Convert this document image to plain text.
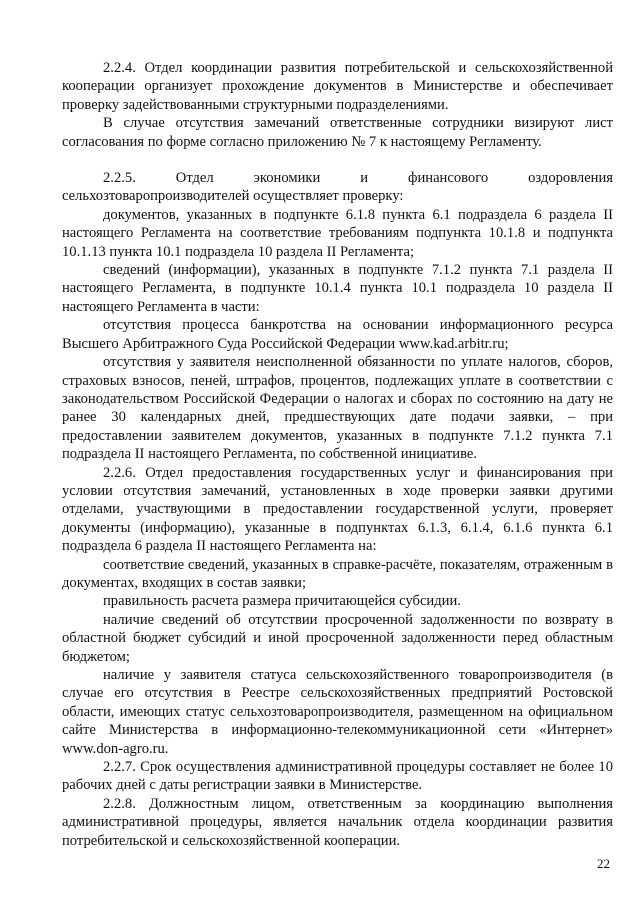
2.2.4. Отдел координации развития потребительской и сельскохозяйственной кооперации организует прохождение документов в Министерстве и обеспечивает проверку задействованными структурными подразделениями.

В случае отсутствия замечаний ответственные сотрудники визируют лист согласования по форме согласно приложению № 7 к настоящему Регламенту.

2.2.5. Отдел экономики и финансового оздоровления сельхозтоваропроизводителей осуществляет проверку:

документов, указанных в подпункте 6.1.8 пункта 6.1 подраздела 6 раздела II настоящего Регламента на соответствие требованиям подпункта 10.1.8 и подпункта 10.1.13 пункта 10.1 подраздела 10 раздела II Регламента;

сведений (информации), указанных в подпункте 7.1.2 пункта 7.1 раздела II настоящего Регламента, в подпункте 10.1.4 пункта 10.1 подраздела 10 раздела II настоящего Регламента в части:

отсутствия процесса банкротства на основании информационного ресурса Высшего Арбитражного Суда Российской Федерации www.kad.arbitr.ru;

отсутствия у заявителя неисполненной обязанности по уплате налогов, сборов, страховых взносов, пеней, штрафов, процентов, подлежащих уплате в соответствии с законодательством Российской Федерации о налогах и сборах по состоянию на дату не ранее 30 календарных дней, предшествующих дате подачи заявки, – при предоставлении заявителем документов, указанных в подпункте 7.1.2 пункта 7.1 подраздела II настоящего Регламента, по собственной инициативе.

2.2.6. Отдел предоставления государственных услуг и финансирования при условии отсутствия замечаний, установленных в ходе проверки заявки другими отделами, участвующими в предоставлении государственной услуги, проверяет документы (информацию), указанные в подпунктах 6.1.3, 6.1.4, 6.1.6 пункта 6.1 подраздела 6 раздела II настоящего Регламента на:

соответствие сведений, указанных в справке-расчёте, показателям, отраженным в документах, входящих в состав заявки;

правильность расчета размера причитающейся субсидии.

наличие сведений об отсутствии просроченной задолженности по возврату в областной бюджет субсидий и иной просроченной задолженности перед областным бюджетом;

наличие у заявителя статуса сельскохозяйственного товаропроизводителя (в случае его отсутствия в Реестре сельскохозяйственных предприятий Ростовской области, имеющих статус сельхозтоваропроизводителя, размещенном на официальном сайте Министерства в информационно-телекоммуникационной сети «Интернет» www.don-agro.ru.

2.2.7. Срок осуществления административной процедуры составляет не более 10 рабочих дней с даты регистрации заявки в Министерстве.

2.2.8. Должностным лицом, ответственным за координацию выполнения административной процедуры, является начальник отдела координации развития потребительской и сельскохозяйственной кооперации.

22
